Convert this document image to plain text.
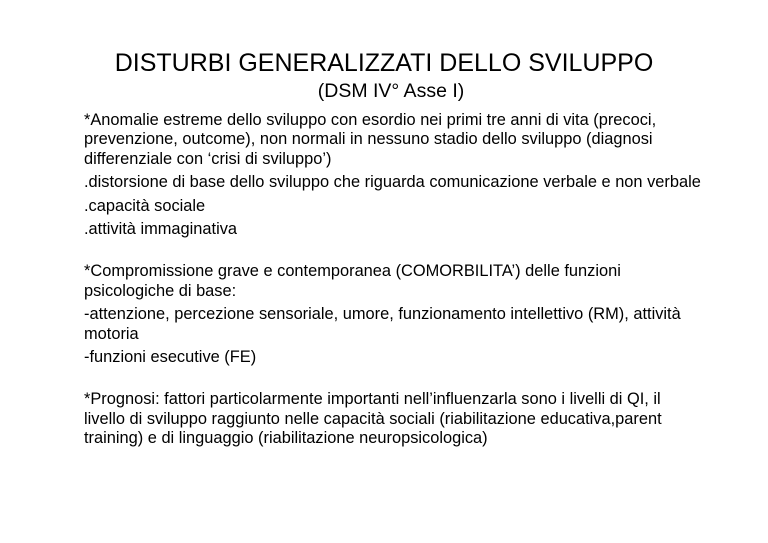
DISTURBI GENERALIZZATI DELLO SVILUPPO
(DSM IV° Asse I)

*Anomalie estreme dello sviluppo con esordio nei primi tre anni di vita (precoci, prevenzione, outcome), non normali in nessuno stadio dello sviluppo (diagnosi differenziale con ‘crisi di sviluppo’)

.distorsione di base dello sviluppo che riguarda comunicazione verbale e non verbale

.capacità sociale

.attività immaginativa

*Compromissione grave e contemporanea (COMORBILITA’) delle funzioni psicologiche di base:

-attenzione, percezione sensoriale, umore, funzionamento intellettivo (RM), attività motoria

-funzioni esecutive (FE)

*Prognosi: fattori particolarmente importanti nell’influenzarla sono i livelli di QI, il livello di sviluppo raggiunto nelle capacità sociali (riabilitazione educativa,parent training) e di linguaggio (riabilitazione neuropsicologica)
